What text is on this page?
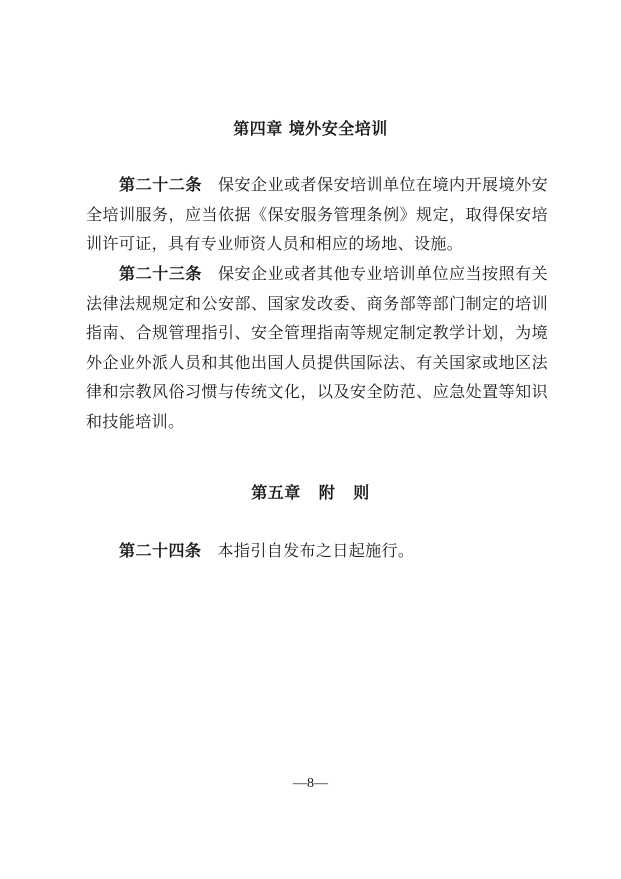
第四章 境外安全培训
第二十二条 保安企业或者保安培训单位在境内开展境外安全培训服务，应当依据《保安服务管理条例》规定，取得保安培训许可证，具有专业师资人员和相应的场地、设施。
第二十三条 保安企业或者其他专业培训单位应当按照有关法律法规规定和公安部、国家发改委、商务部等部门制定的培训指南、合规管理指引、安全管理指南等规定制定教学计划，为境外企业外派人员和其他出国人员提供国际法、有关国家或地区法律和宗教风俗习惯与传统文化，以及安全防范、应急处置等知识和技能培训。
第五章 附 则
第二十四条 本指引自发布之日起施行。
—8—
